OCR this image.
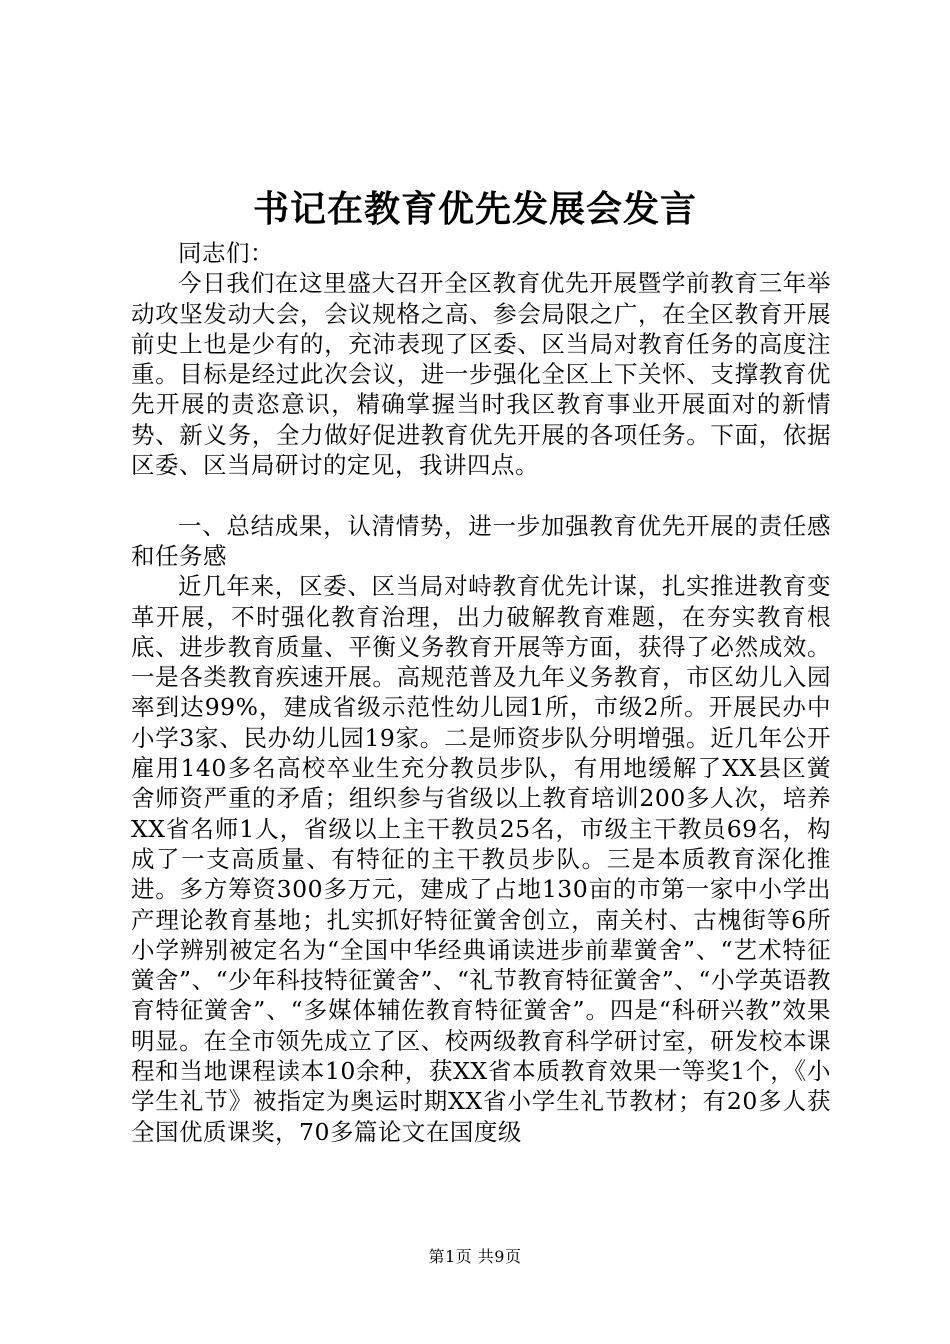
书记在教育优先发展会发言

同志们：

今日我们在这里盛大召开全区教育优先开展暨学前教育三年举动攻坚发动大会，会议规格之高、参会局限之广，在全区教育开展前史上也是少有的，充沛表现了区委、区当局对教育任务的高度注重。目标是经过此次会议，进一步强化全区上下关怀、支撑教育优先开展的责恣意识，精确掌握当时我区教育事业开展面对的新情势、新义务，全力做好促进教育优先开展的各项任务。下面，依据区委、区当局研讨的定见，我讲四点。

一、总结成果，认清情势，进一步加强教育优先开展的责任感和任务感

近几年来，区委、区当局对峙教育优先计谋，扎实推进教育变革开展，不时强化教育治理，出力破解教育难题，在夯实教育根底、进步教育质量、平衡义务教育开展等方面，获得了必然成效。一是各类教育疾速开展。高规范普及九年义务教育，市区幼儿入园率到达99%，建成省级示范性幼儿园1所，市级2所。开展民办中小学3家、民办幼儿园19家。二是师资步队分明增强。近几年公开雇用140多名高校卒业生充分教员步队，有用地缓解了XX县区黉舍师资严重的矛盾；组织参与省级以上教育培训200多人次，培养XX省名师1人，省级以上主干教员25名，市级主干教员69名，构成了一支高质量、有特征的主干教员步队。三是本质教育深化推进。多方筹资300多万元，建成了占地130亩的市第一家中小学出产理论教育基地；扎实抓好特征黉舍创立，南关村、古槐街等6所小学辨别被定名为“全国中华经典诵读进步前辈黉舍”、“艺术特征黉舍”、“少年科技特征黉舍”、“礼节教育特征黉舍”、“小学英语教育特征黉舍”、“多媒体辅佐教育特征黉舍”。四是“科研兴教”效果明显。在全市领先成立了区、校两级教育科学研讨室，研发校本课程和当地课程读本10余种，获XX省本质教育效果一等奖1个，《小学生礼节》被指定为奥运时期XX省小学生礼节教材；有20多人获全国优质课奖，70多篇论文在国度级

第1页 共9页
